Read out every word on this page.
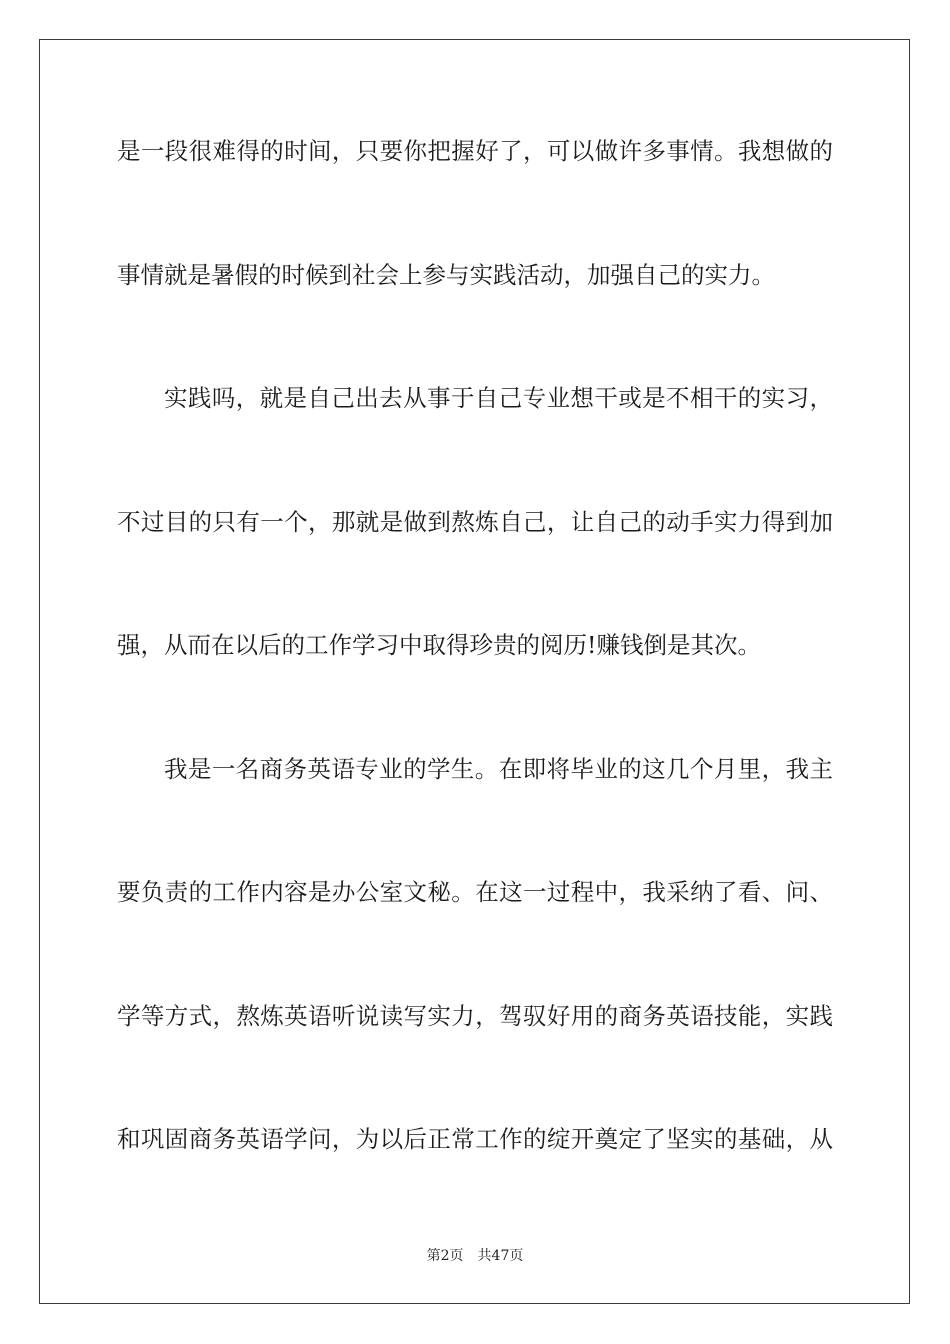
是一段很难得的时间，只要你把握好了，可以做许多事情。我想做的
事情就是暑假的时候到社会上参与实践活动，加强自己的实力。
实践吗，就是自己出去从事于自己专业想干或是不相干的实习，
不过目的只有一个，那就是做到熬炼自己，让自己的动手实力得到加
强，从而在以后的工作学习中取得珍贵的阅历!赚钱倒是其次。
我是一名商务英语专业的学生。在即将毕业的这几个月里，我主
要负责的工作内容是办公室文秘。在这一过程中，我采纳了看、问、
学等方式，熬炼英语听说读写实力，驾驭好用的商务英语技能，实践
和巩固商务英语学问，为以后正常工作的绽开奠定了坚实的基础，从
第2页 共47页
